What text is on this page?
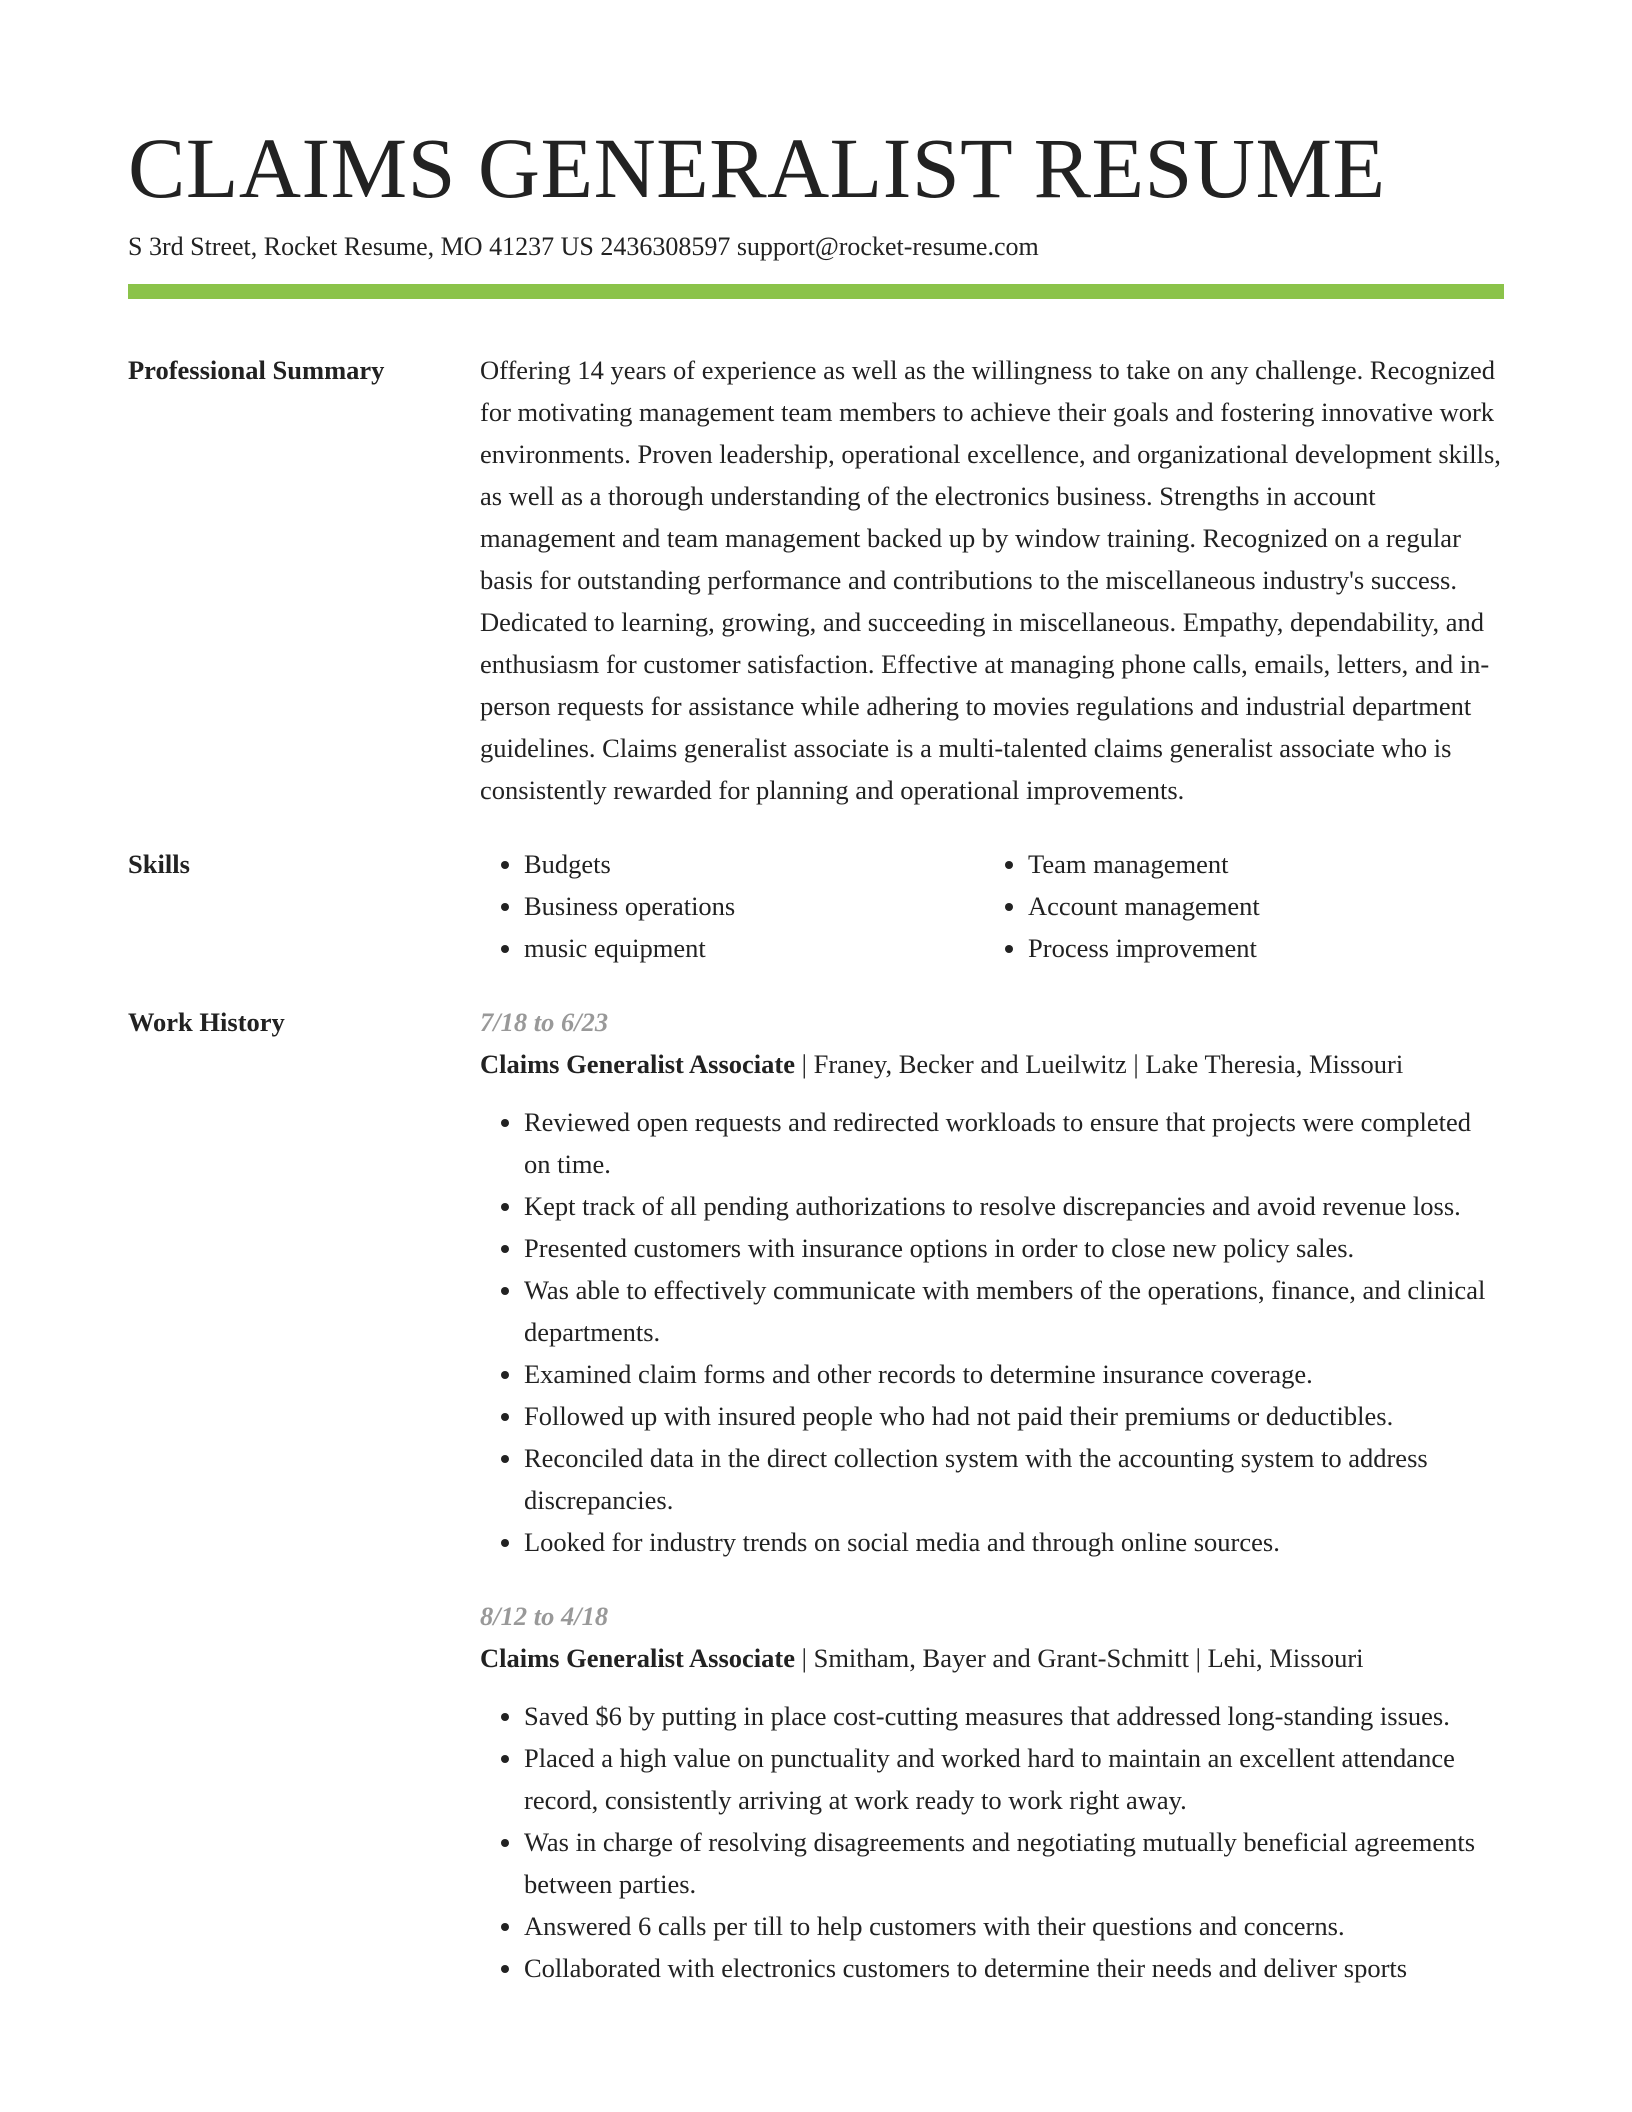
CLAIMS GENERALIST RESUME
S 3rd Street, Rocket Resume, MO 41237 US 2436308597 support@rocket-resume.com
Professional Summary	Offering 14 years of experience as well as the willingness to take on any challenge. Recognized for motivating management team members to achieve their goals and fostering innovative work environments. Proven leadership, operational excellence, and organizational development skills, as well as a thorough understanding of the electronics business. Strengths in account management and team management backed up by window training. Recognized on a regular basis for outstanding performance and contributions to the miscellaneous industry's success. Dedicated to learning, growing, and succeeding in miscellaneous. Empathy, dependability, and enthusiasm for customer satisfaction. Effective at managing phone calls, emails, letters, and in-person requests for assistance while adhering to movies regulations and industrial department guidelines. Claims generalist associate is a multi-talented claims generalist associate who is consistently rewarded for planning and operational improvements.

Skills
•	Budgets
• Business operations
• music equipment
• Team management
• Account management
• Process improvement
Work History	7/18 to 6/23
Claims Generalist Associate | Franey, Becker and Lueilwitz | Lake Theresia, Missouri
• Reviewed open requests and redirected workloads to ensure that projects were completed on time.
• Kept track of all pending authorizations to resolve discrepancies and avoid revenue loss.
• Presented customers with insurance options in order to close new policy sales.
• Was able to effectively communicate with members of the operations, finance, and clinical departments.
• Examined claim forms and other records to determine insurance coverage.
• Followed up with insured people who had not paid their premiums or deductibles.
• Reconciled data in the direct collection system with the accounting system to address discrepancies.
• Looked for industry trends on social media and through online sources.
8/12 to 4/18
Claims Generalist Associate | Smitham, Bayer and Grant-Schmitt | Lehi, Missouri
• Saved $6 by putting in place cost-cutting measures that addressed long-standing issues.
• Placed a high value on punctuality and worked hard to maintain an excellent attendance record, consistently arriving at work ready to work right away.
• Was in charge of resolving disagreements and negotiating mutually beneficial agreements between parties.
• Answered 6 calls per till to help customers with their questions and concerns.
• Collaborated with electronics customers to determine their needs and deliver sports
